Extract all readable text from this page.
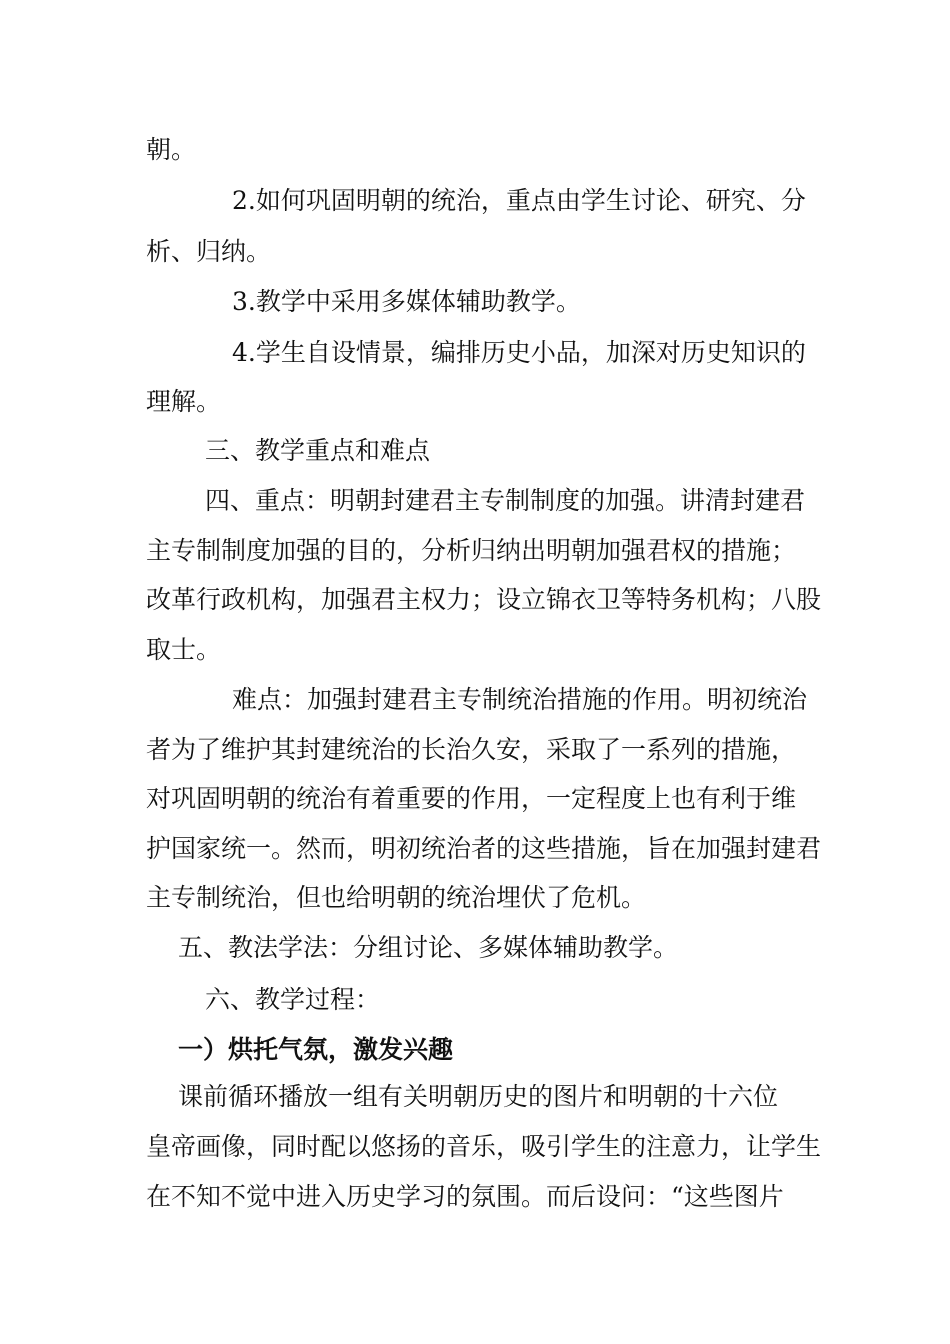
朝。
2.如何巩固明朝的统治，重点由学生讨论、研究、分
析、归纳。
3.教学中采用多媒体辅助教学。
4.学生自设情景，编排历史小品，加深对历史知识的
理解。
三、教学重点和难点
四、重点：明朝封建君主专制制度的加强。讲清封建君
主专制制度加强的目的，分析归纳出明朝加强君权的措施；
改革行政机构，加强君主权力；设立锦衣卫等特务机构；八股
取士。
难点：加强封建君主专制统治措施的作用。明初统治
者为了维护其封建统治的长治久安，采取了一系列的措施，
对巩固明朝的统治有着重要的作用，一定程度上也有利于维
护国家统一。然而，明初统治者的这些措施，旨在加强封建君
主专制统治，但也给明朝的统治埋伏了危机。
五、教法学法：分组讨论、多媒体辅助教学。
六、教学过程：
一）烘托气氛，激发兴趣
课前循环播放一组有关明朝历史的图片和明朝的十六位
皇帝画像，同时配以悠扬的音乐，吸引学生的注意力，让学生
在不知不觉中进入历史学习的氛围。而后设问：“这些图片
